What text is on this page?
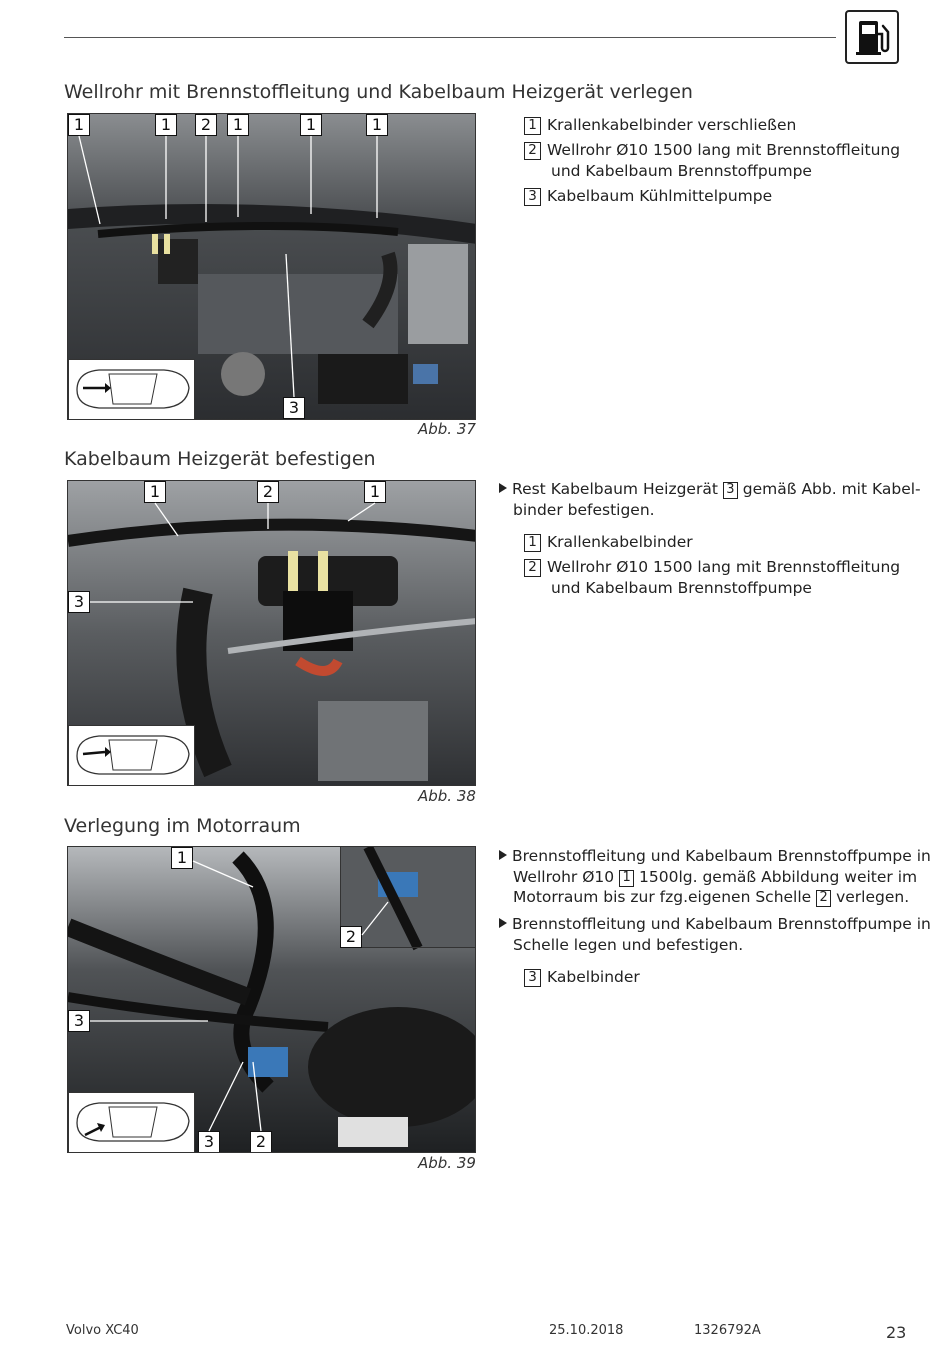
Wellrohr mit Brennstoffleitung und Kabelbaum Heizgerät verlegen
1	1	2	1	1	1
3
Abb. 37
1 Krallenkabelbinder verschließen
2 Wellrohr Ø10 1500 lang mit Brennstoffleitung
und Kabelbaum Brennstoffpumpe
3 Kabelbaum Kühlmittelpumpe
Kabelbaum Heizgerät befestigen
1	2	1
3
Abb. 38
Rest Kabelbaum Heizgerät 3 gemäß Abb. mit Kabel-
binder befestigen.
1 Krallenkabelbinder
2 Wellrohr Ø10 1500 lang mit Brennstoffleitung
und Kabelbaum Brennstoffpumpe
Verlegung im Motorraum
1
2
3
3	2
Abb. 39
Brennstoffleitung und Kabelbaum Brennstoffpumpe in
Wellrohr Ø10 1 1500lg. gemäß Abbildung weiter im
Motorraum bis zur fzg.eigenen Schelle 2 verlegen.
Brennstoffleitung und Kabelbaum Brennstoffpumpe in
Schelle legen und befestigen.
3 Kabelbinder
Volvo XC40	25.10.2018	1326792A	23
